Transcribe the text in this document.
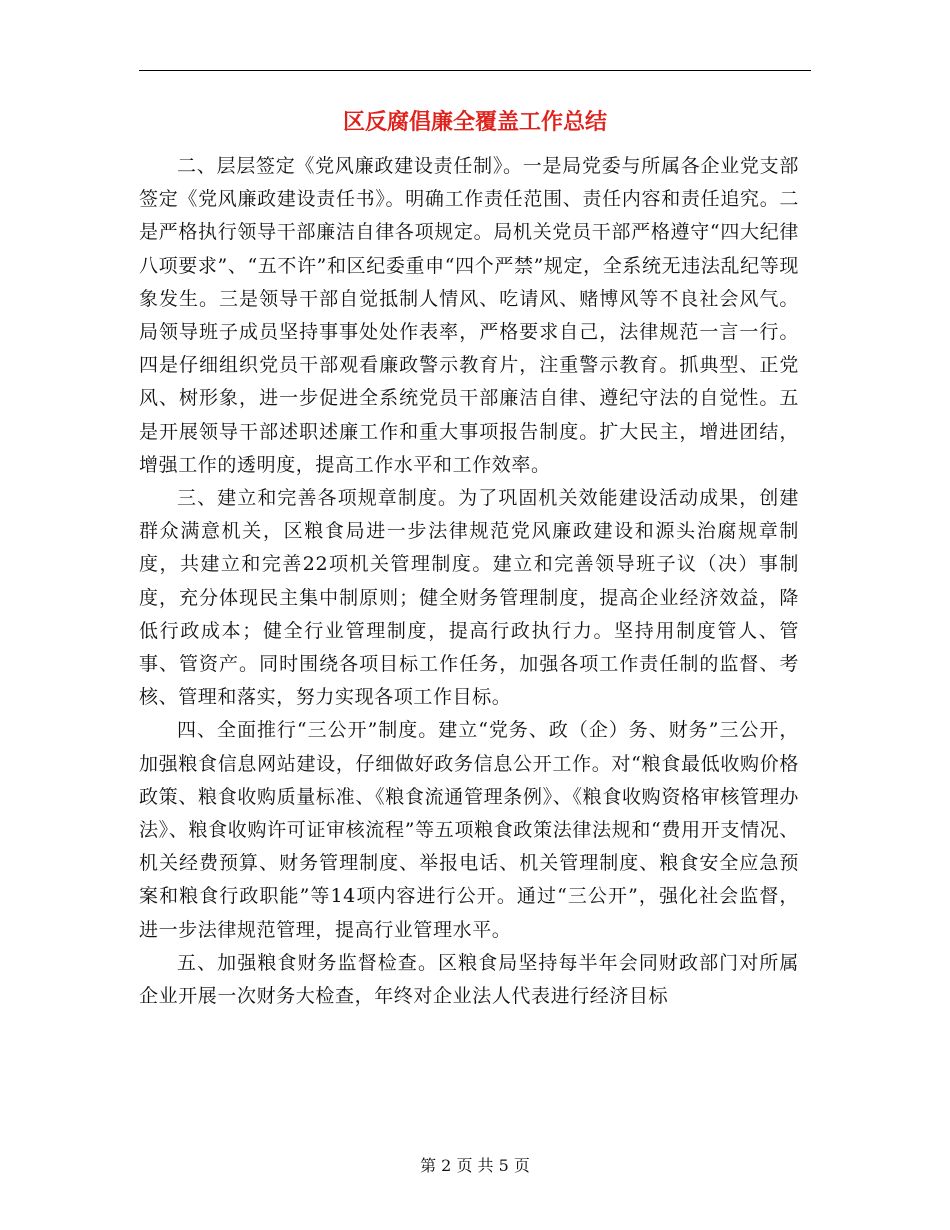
区反腐倡廉全覆盖工作总结

二、层层签定《党风廉政建设责任制》。一是局党委与所属各企业党支部签定《党风廉政建设责任书》。明确工作责任范围、责任内容和责任追究。二是严格执行领导干部廉洁自律各项规定。局机关党员干部严格遵守“四大纪律八项要求”、“五不许”和区纪委重申“四个严禁”规定，全系统无违法乱纪等现象发生。三是领导干部自觉抵制人情风、吃请风、赌博风等不良社会风气。局领导班子成员坚持事事处处作表率，严格要求自己，法律规范一言一行。四是仔细组织党员干部观看廉政警示教育片，注重警示教育。抓典型、正党风、树形象，进一步促进全系统党员干部廉洁自律、遵纪守法的自觉性。五是开展领导干部述职述廉工作和重大事项报告制度。扩大民主，增进团结，增强工作的透明度，提高工作水平和工作效率。

三、建立和完善各项规章制度。为了巩固机关效能建设活动成果，创建群众满意机关，区粮食局进一步法律规范党风廉政建设和源头治腐规章制度，共建立和完善22项机关管理制度。建立和完善领导班子议（决）事制度，充分体现民主集中制原则；健全财务管理制度，提高企业经济效益，降低行政成本；健全行业管理制度，提高行政执行力。坚持用制度管人、管事、管资产。同时围绕各项目标工作任务，加强各项工作责任制的监督、考核、管理和落实，努力实现各项工作目标。

四、全面推行“三公开”制度。建立“党务、政（企）务、财务”三公开，加强粮食信息网站建设，仔细做好政务信息公开工作。对“粮食最低收购价格政策、粮食收购质量标准、《粮食流通管理条例》、《粮食收购资格审核管理办法》、粮食收购许可证审核流程”等五项粮食政策法律法规和“费用开支情况、机关经费预算、财务管理制度、举报电话、机关管理制度、粮食安全应急预案和粮食行政职能”等14项内容进行公开。通过“三公开”，强化社会监督，进一步法律规范管理，提高行业管理水平。

五、加强粮食财务监督检查。区粮食局坚持每半年会同财政部门对所属企业开展一次财务大检查，年终对企业法人代表进行经济目标

第 2 页 共 5 页
